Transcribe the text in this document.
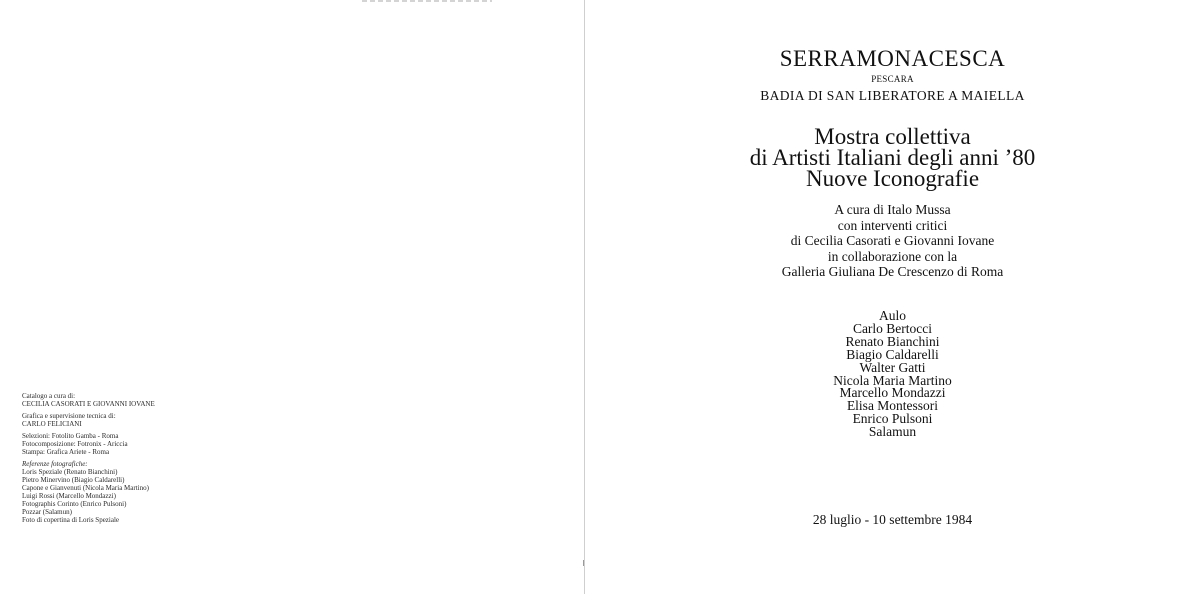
Catalogo a cura di:
CECILIA CASORATI E GIOVANNI IOVANE
Grafica e supervisione tecnica di:
CARLO FELICIANI
Selezioni: Fotolito Gamba - Roma
Fotocomposizione: Fotronix - Ariccia
Stampa: Grafica Ariete - Roma
Referenze fotografiche:
Loris Speziale (Renato Bianchini)
Pietro Minervino (Biagio Caldarelli)
Capone e Gianvenuti (Nicola Maria Martino)
Luigi Rossi (Marcello Mondazzi)
Fotographis Corinto (Enrico Pulsoni)
Pozzar (Salamun)
Foto di copertina di Loris Speziale
SERRAMONACESCA
PESCARA
BADIA DI SAN LIBERATORE A MAIELLA
Mostra collettiva
di Artisti Italiani degli anni ’80
Nuove Iconografie
A cura di Italo Mussa
con interventi critici
di Cecilia Casorati e Giovanni Iovane
in collaborazione con la
Galleria Giuliana De Crescenzo di Roma
Aulo
Carlo Bertocci
Renato Bianchini
Biagio Caldarelli
Walter Gatti
Nicola Maria Martino
Marcello Mondazzi
Elisa Montessori
Enrico Pulsoni
Salamun
28 luglio - 10 settembre 1984
